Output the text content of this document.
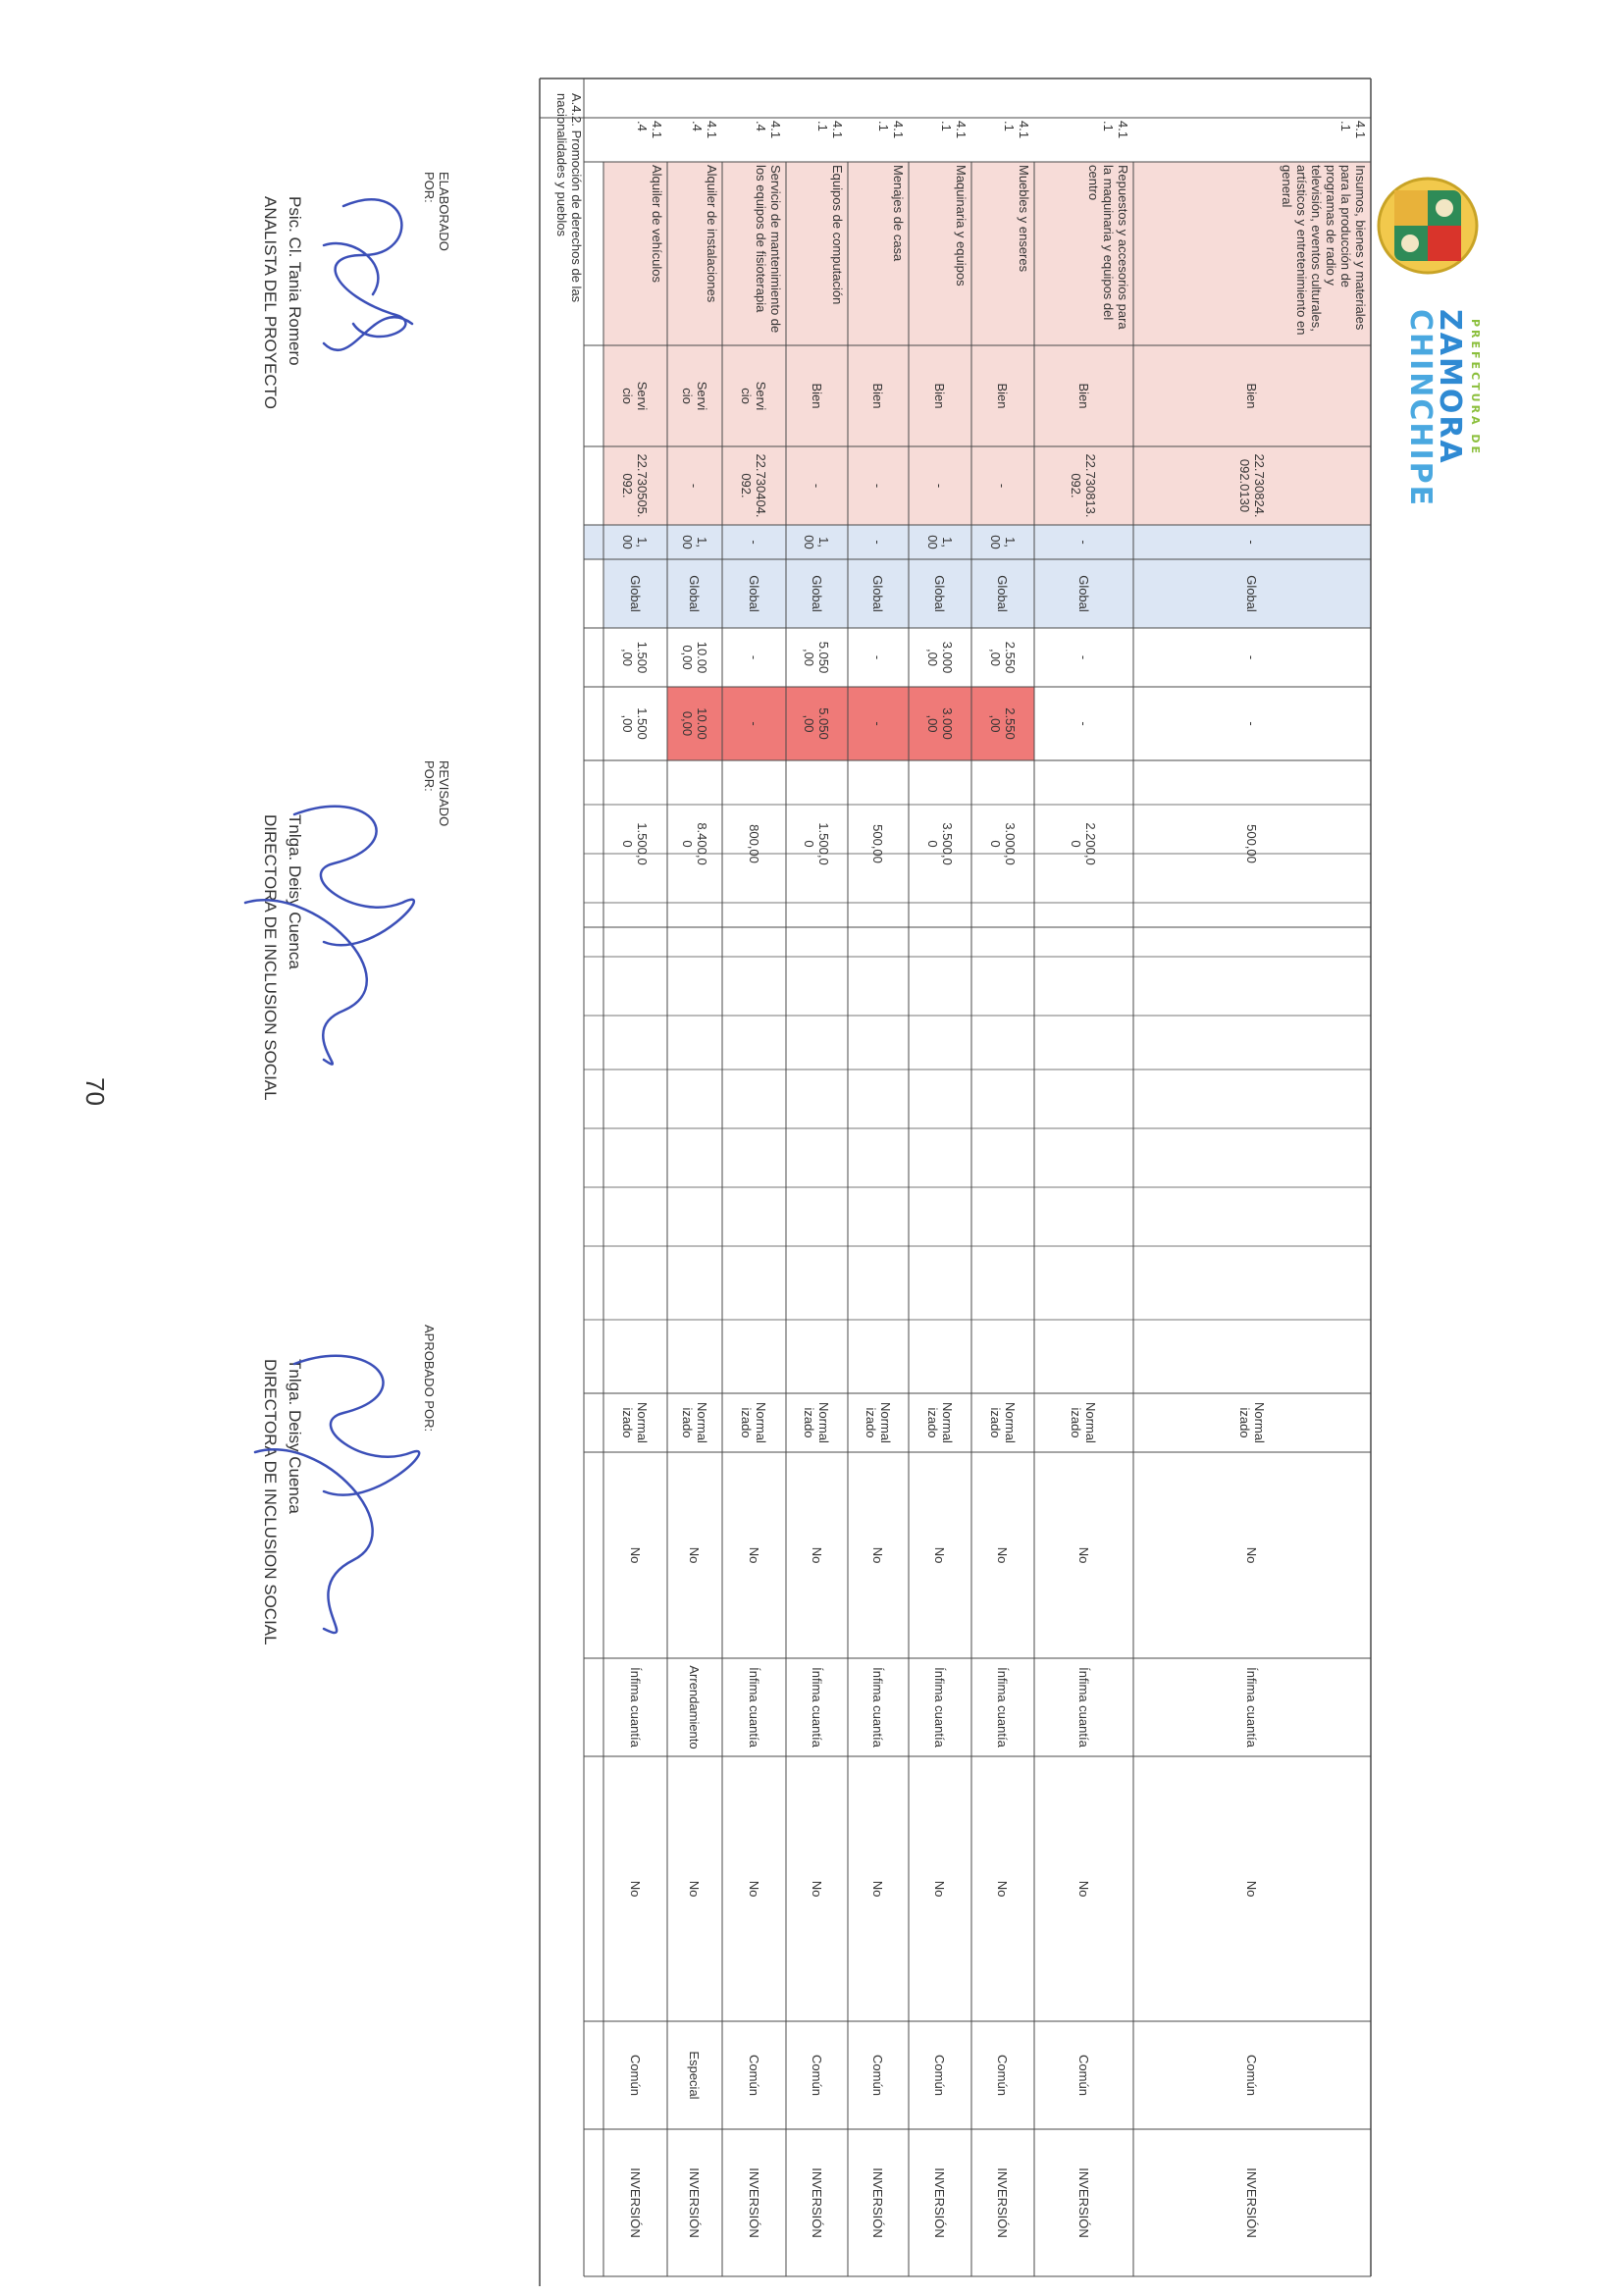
A.4.2. Promoción de derechos de las nacionalidades y pueblos
PREFECTURA DE
ZAMORA
CHINCHIPE
ELABORADO
POR:
Psic. Cl. Tania Romero
ANALISTA DEL PROYECTO
REVISADO
POR:
Tnlga. Deisy Cuenca
DIRECTORA DE INCLUSION SOCIAL
APROBADO POR:
Tnlga. Deisy Cuenca
DIRECTORA DE INCLUSION SOCIAL
70
4.1
.1
Insumos, bienes y materiales para la producción de programas de radio y televisión, eventos culturales, artísticos y entretenimiento en general
Bien
22.730824.
092.0130
-
Global
-
-
500,00
Normal
izado
No
Ínfima cuantía
No
Común
INVERSIÓN
4.1
.1
Repuestos y accesorios para la maquinaria y equipos del centro
Bien
22.730813.
092.
-
Global
-
-
2.200,0
0
Normal
izado
No
Ínfima cuantía
No
Común
INVERSIÓN
4.1
.1
Muebles y enseres
Bien
-
1,
00
Global
2.550
,00
2.550
,00
3.000,0
0
Normal
izado
No
Ínfima cuantía
No
Común
INVERSIÓN
4.1
.1
Maquinaria y equipos
Bien
-
1,
00
Global
3.000
,00
3.000
,00
3.500,0
0
Normal
izado
No
Ínfima cuantía
No
Común
INVERSIÓN
4.1
.1
Menajes de casa
Bien
-
-
Global
-
-
500,00
Normal
izado
No
Ínfima cuantía
No
Común
INVERSIÓN
4.1
.1
Equipos de computación
Bien
-
1,
00
Global
5.050
,00
5.050
,00
1.500,0
0
Normal
izado
No
Ínfima cuantía
No
Común
INVERSIÓN
4.1
.4
Servicio de mantenimiento de los equipos de fisioterapia
Servi
cio
22.730404.
092.
-
Global
-
-
800,00
Normal
izado
No
Ínfima cuantía
No
Común
INVERSIÓN
4.1
.4
Alquiler de instalaciones
Servi
cio
-
1,
00
Global
10.00
0,00
10.00
0,00
8.400,0
0
Normal
izado
No
Arrendamiento
No
Especial
INVERSIÓN
4.1
.4
Alquiler de vehículos
Servi
cio
22.730505.
092.
1,
00
Global
1.500
,00
1.500
,00
1.500,0
0
Normal
izado
No
Ínfima cuantía
No
Común
INVERSIÓN
